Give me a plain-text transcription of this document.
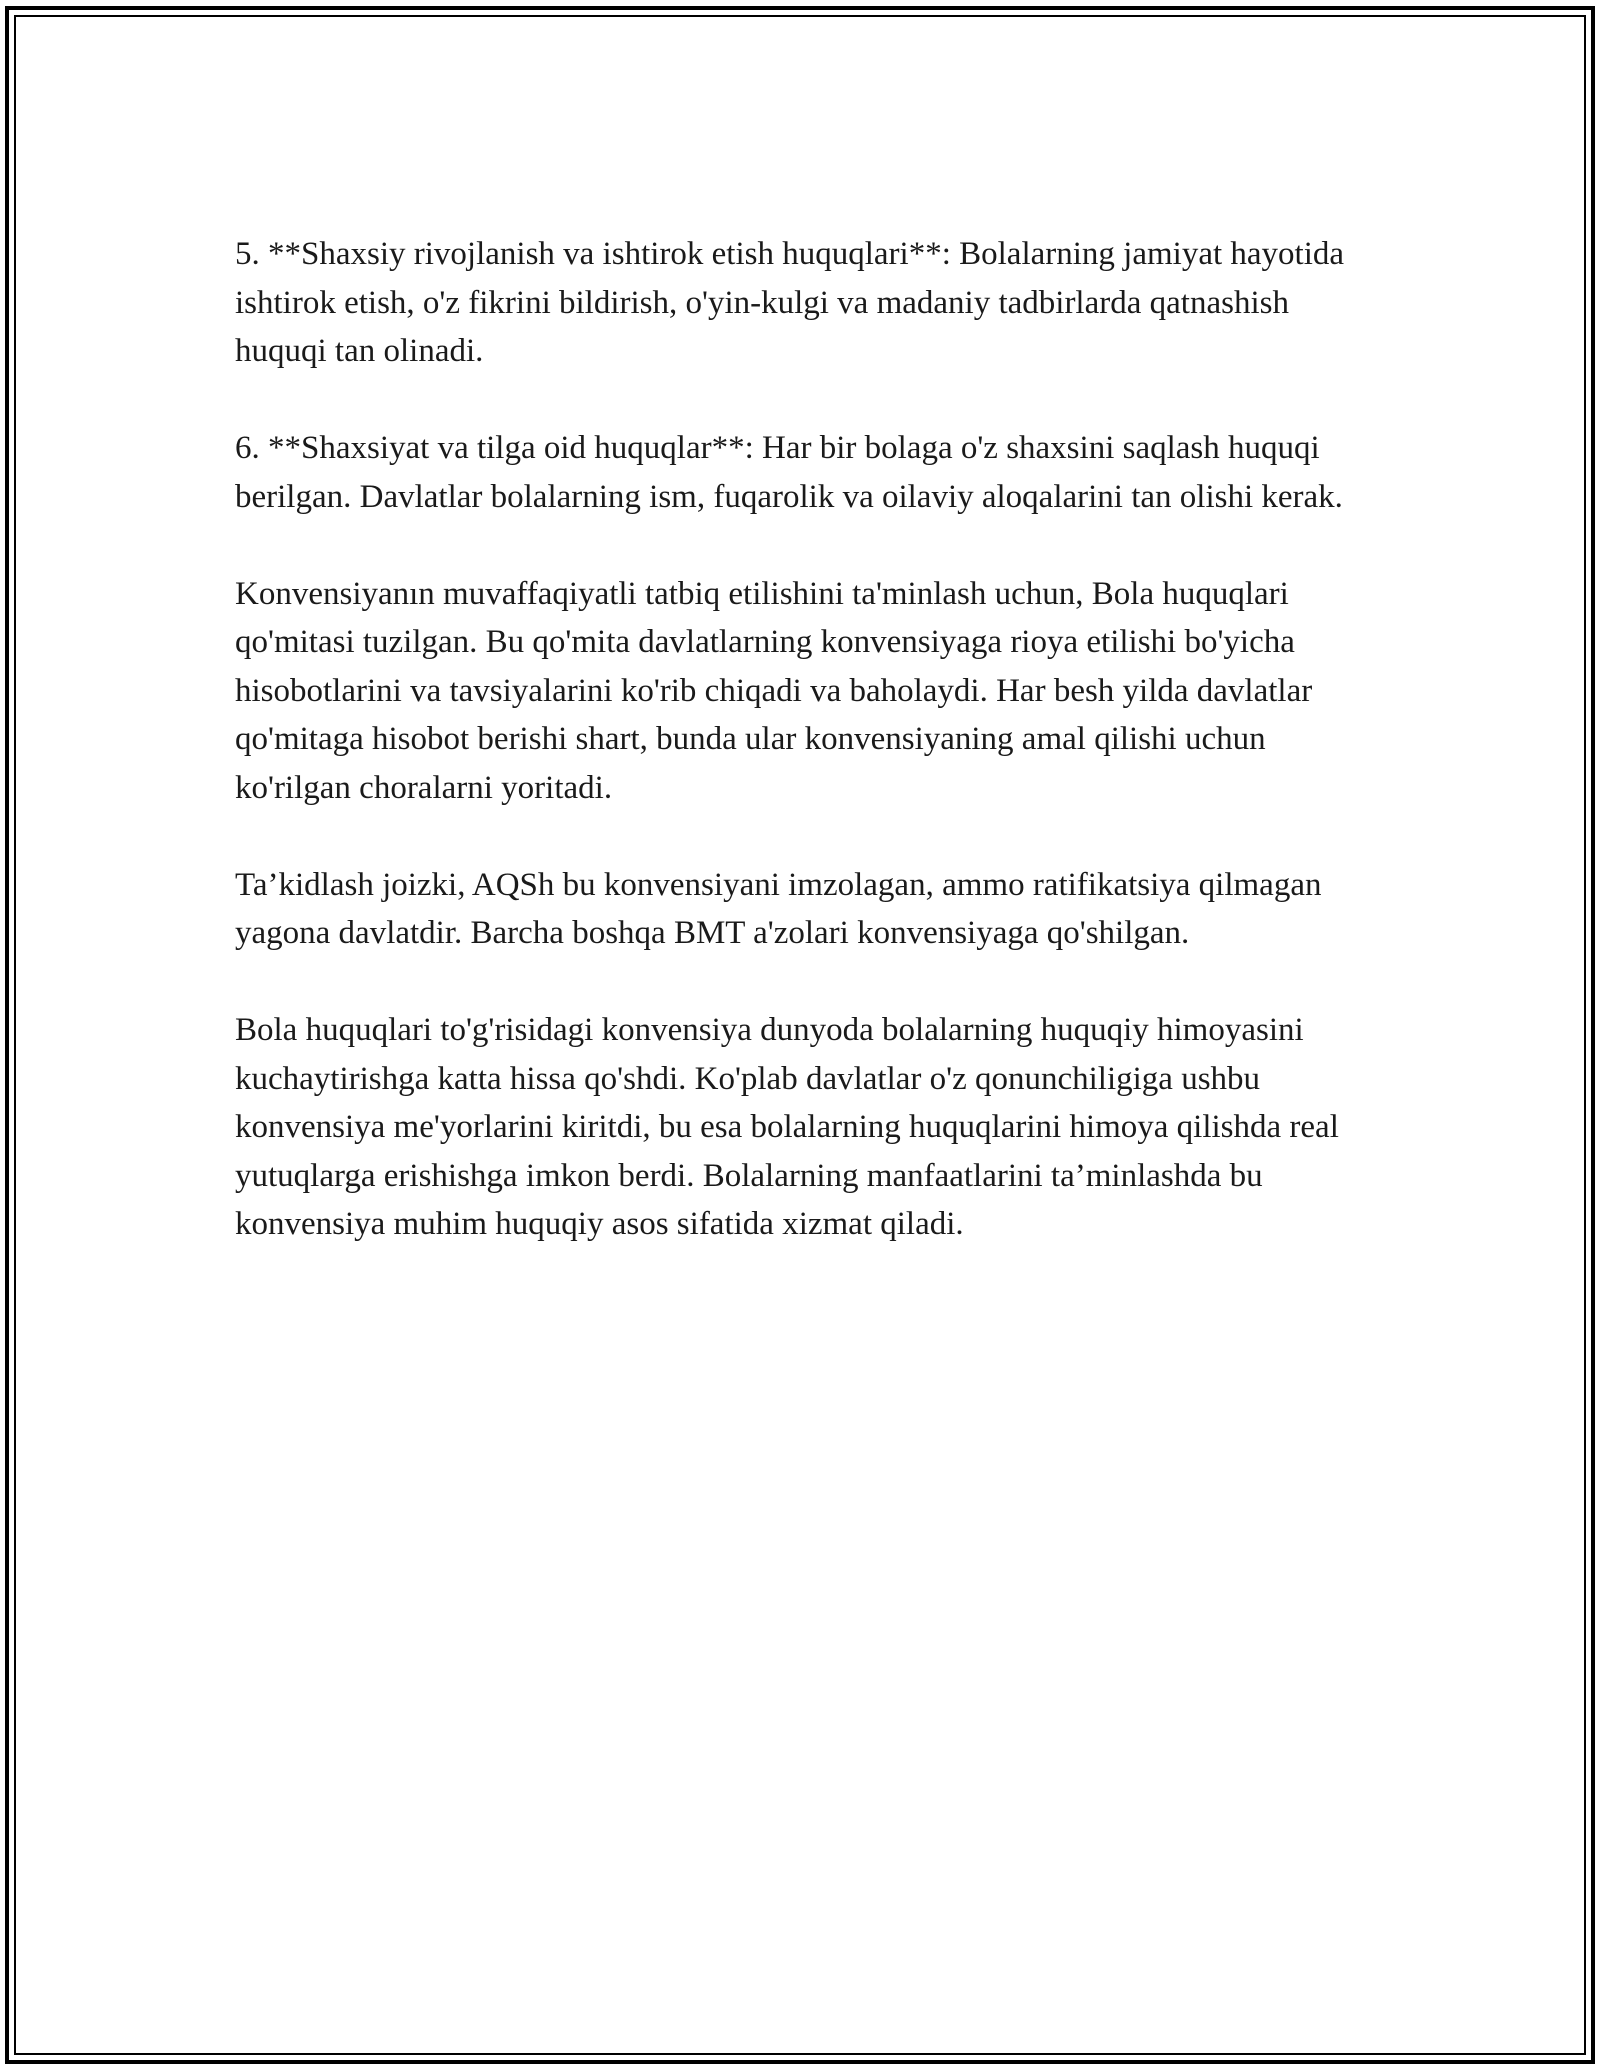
5. **Shaxsiy rivojlanish va ishtirok etish huquqlari**: Bolalarning jamiyat hayotida ishtirok etish, o'z fikrini bildirish, o'yin-kulgi va madaniy tadbirlarda qatnashish huquqi tan olinadi.

6. **Shaxsiyat va tilga oid huquqlar**: Har bir bolaga o'z shaxsini saqlash huquqi berilgan. Davlatlar bolalarning ism, fuqarolik va oilaviy aloqalarini tan olishi kerak.

Konvensiyanın muvaffaqiyatli tatbiq etilishini ta'minlash uchun, Bola huquqlari qo'mitasi tuzilgan. Bu qo'mita davlatlarning konvensiyaga rioya etilishi bo'yicha hisobotlarini va tavsiyalarini ko'rib chiqadi va baholaydi. Har besh yilda davlatlar qo'mitaga hisobot berishi shart, bunda ular konvensiyaning amal qilishi uchun ko'rilgan choralarni yoritadi.

Ta’kidlash joizki, AQSh bu konvensiyani imzolagan, ammo ratifikatsiya qilmagan yagona davlatdir. Barcha boshqa BMT a'zolari konvensiyaga qo'shilgan.

Bola huquqlari to'g'risidagi konvensiya dunyoda bolalarning huquqiy himoyasini kuchaytirishga katta hissa qo'shdi. Ko'plab davlatlar o'z qonunchiligiga ushbu konvensiya me'yorlarini kiritdi, bu esa bolalarning huquqlarini himoya qilishda real yutuqlarga erishishga imkon berdi. Bolalarning manfaatlarini ta’minlashda bu konvensiya muhim huquqiy asos sifatida xizmat qiladi.
